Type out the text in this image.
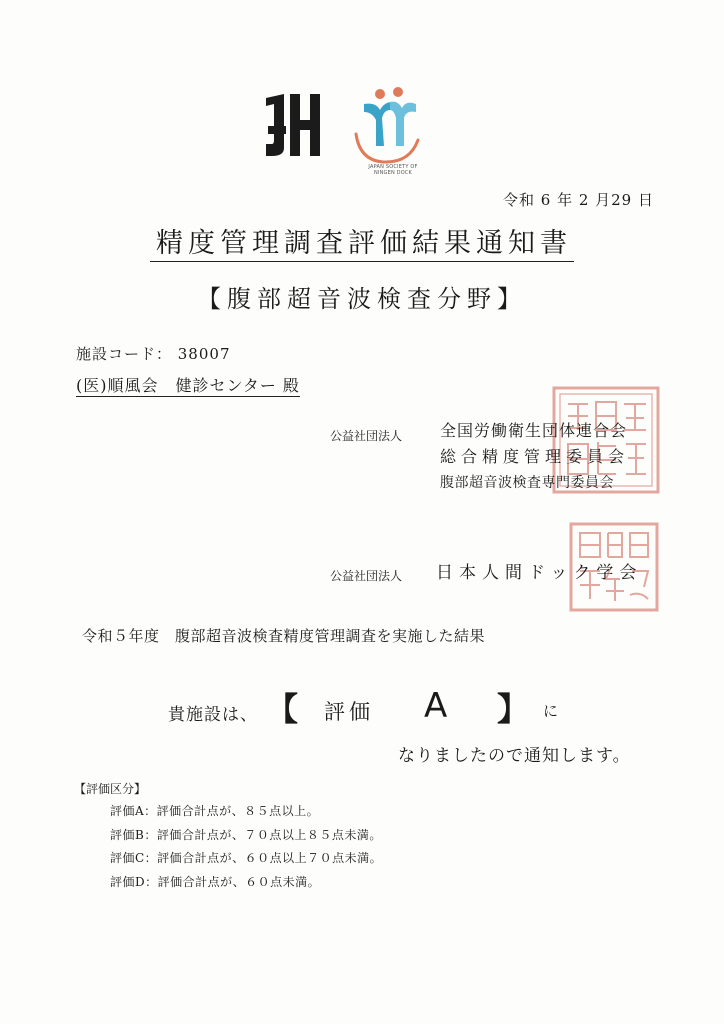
JAPAN SOCIETY OF NINGEN DOCK
令和 6 年 2 月29 日
精度管理調査評価結果通知書
【腹部超音波検査分野】
施設コード： 38007
(医)順風会　健診センター 殿
公益社団法人 全国労働衛生団体連合会
総合精度管理委員会
腹部超音波検査専門委員会
公益社団法人 日本人間ドック学会
令和５年度　腹部超音波検査精度管理調査を実施した結果
貴施設は、 【 評価 A 】 に
なりましたので通知します。
【評価区分】
評価A：評価合計点が、８５点以上。
評価B：評価合計点が、７０点以上８５点未満。
評価C：評価合計点が、６０点以上７０点未満。
評価D：評価合計点が、６０点未満。
